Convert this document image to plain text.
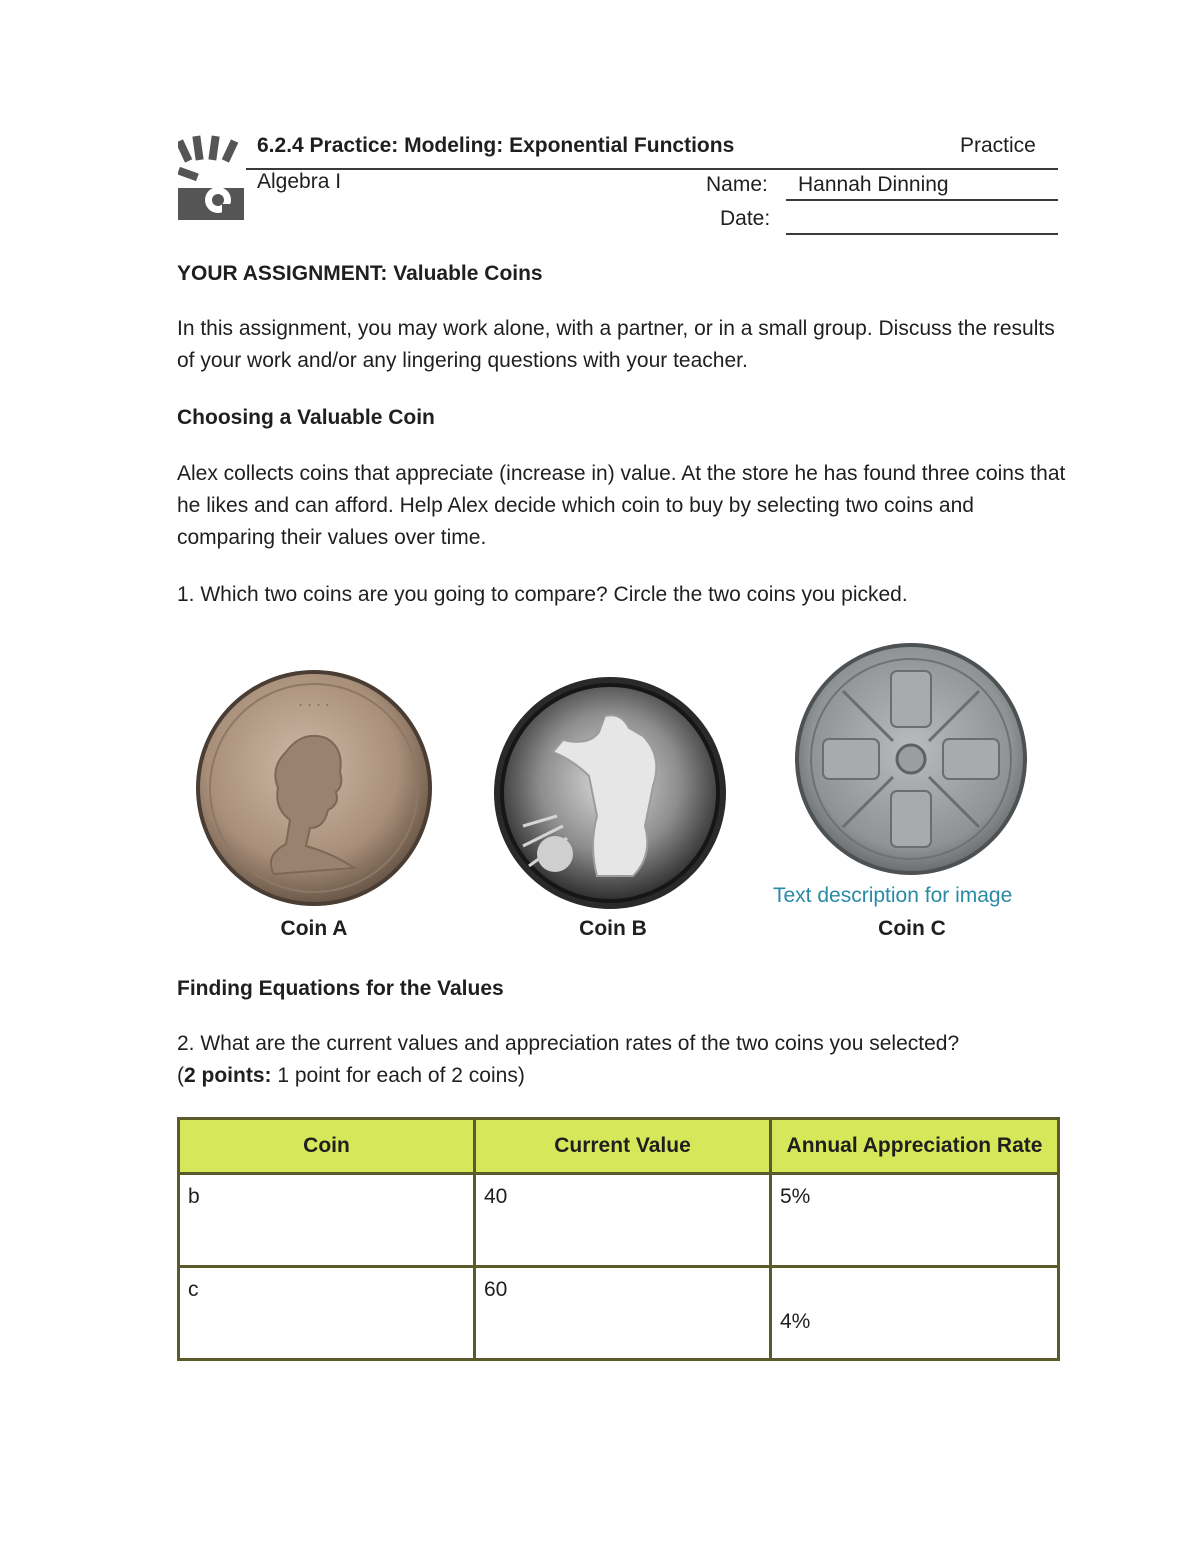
6.2.4 Practice: Modeling: Exponential Functions	Practice
Algebra I	Name: Hannah Dinning
Date:
YOUR ASSIGNMENT: Valuable Coins
In this assignment, you may work alone, with a partner, or in a small group. Discuss the results of your work and/or any lingering questions with your teacher.
Choosing a Valuable Coin
Alex collects coins that appreciate (increase in) value. At the store he has found three coins that he likes and can afford. Help Alex decide which coin to buy by selecting two coins and comparing their values over time.
1. Which two coins are you going to compare? Circle the two coins you picked.
· · · ·
Text description for image
Coin A	Coin B	Coin C
Finding Equations for the Values
2. What are the current values and appreciation rates of the two coins you selected?
(2 points: 1 point for each of 2 coins)
Coin	Current Value	Annual Appreciation Rate
b	40	5%
c	60	4%
